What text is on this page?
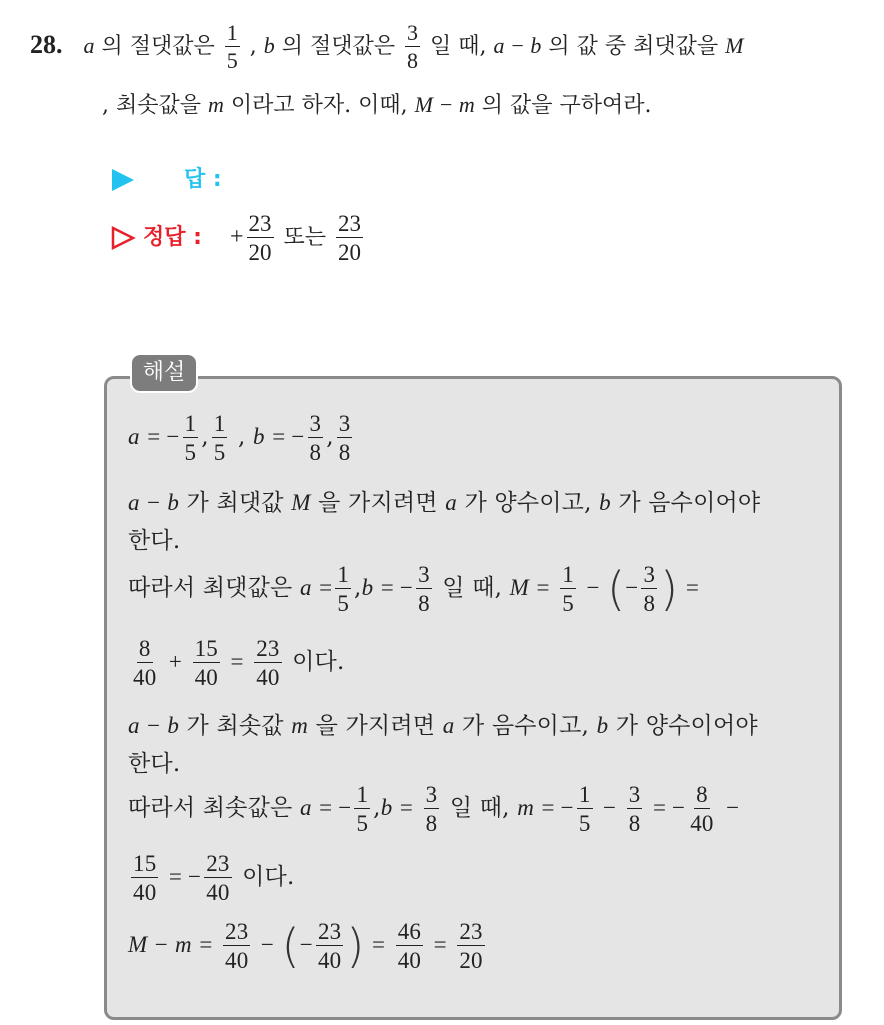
28. a 의 절댓값은 $\frac{1}{5}$ , b 의 절댓값은 $\frac{3}{8}$ 일 때, a − b 의 값 중 최댓값을 M
, 최솟값을 m 이라고 하자. 이때, M − m 의 값을 구하여라.
답 :
정답 : + $\frac{23}{20}$ 또는 $\frac{23}{20}$
해설
a = − $\frac{1}{5}$ , $\frac{1}{5}$ , b = − $\frac{3}{8}$ , $\frac{3}{8}$
a − b 가 최댓값 M 을 가지려면 a 가 양수이고, b 가 음수이어야
한다.
따라서 최댓값은 $a = \frac{1}{5} ,b$ = − $\frac{3}{8}$ 일 때, $M = \frac{1}{5}$ − (− $\frac{3}{8}$ ) =
$\frac{8}{40} + \frac{15}{40} = \frac{23}{40}$ 이다.
a − b 가 최솟값 m 을 가지려면 a 가 음수이고, b 가 양수이어야
한다.
따라서 최솟값은 a = − $\frac{1}{5} ,b = \frac{3}{8}$ 일 때, m = − $\frac{1}{5} - \frac{3}{8}$ = − $\frac{8}{40}$ −
$\frac{15}{40}$ = − $\frac{23}{40}$ 이다.
$M - m = \frac{23}{40}$ − (− $\frac{23}{40}$ ) = $\frac{46}{40} = \frac{23}{20}$
